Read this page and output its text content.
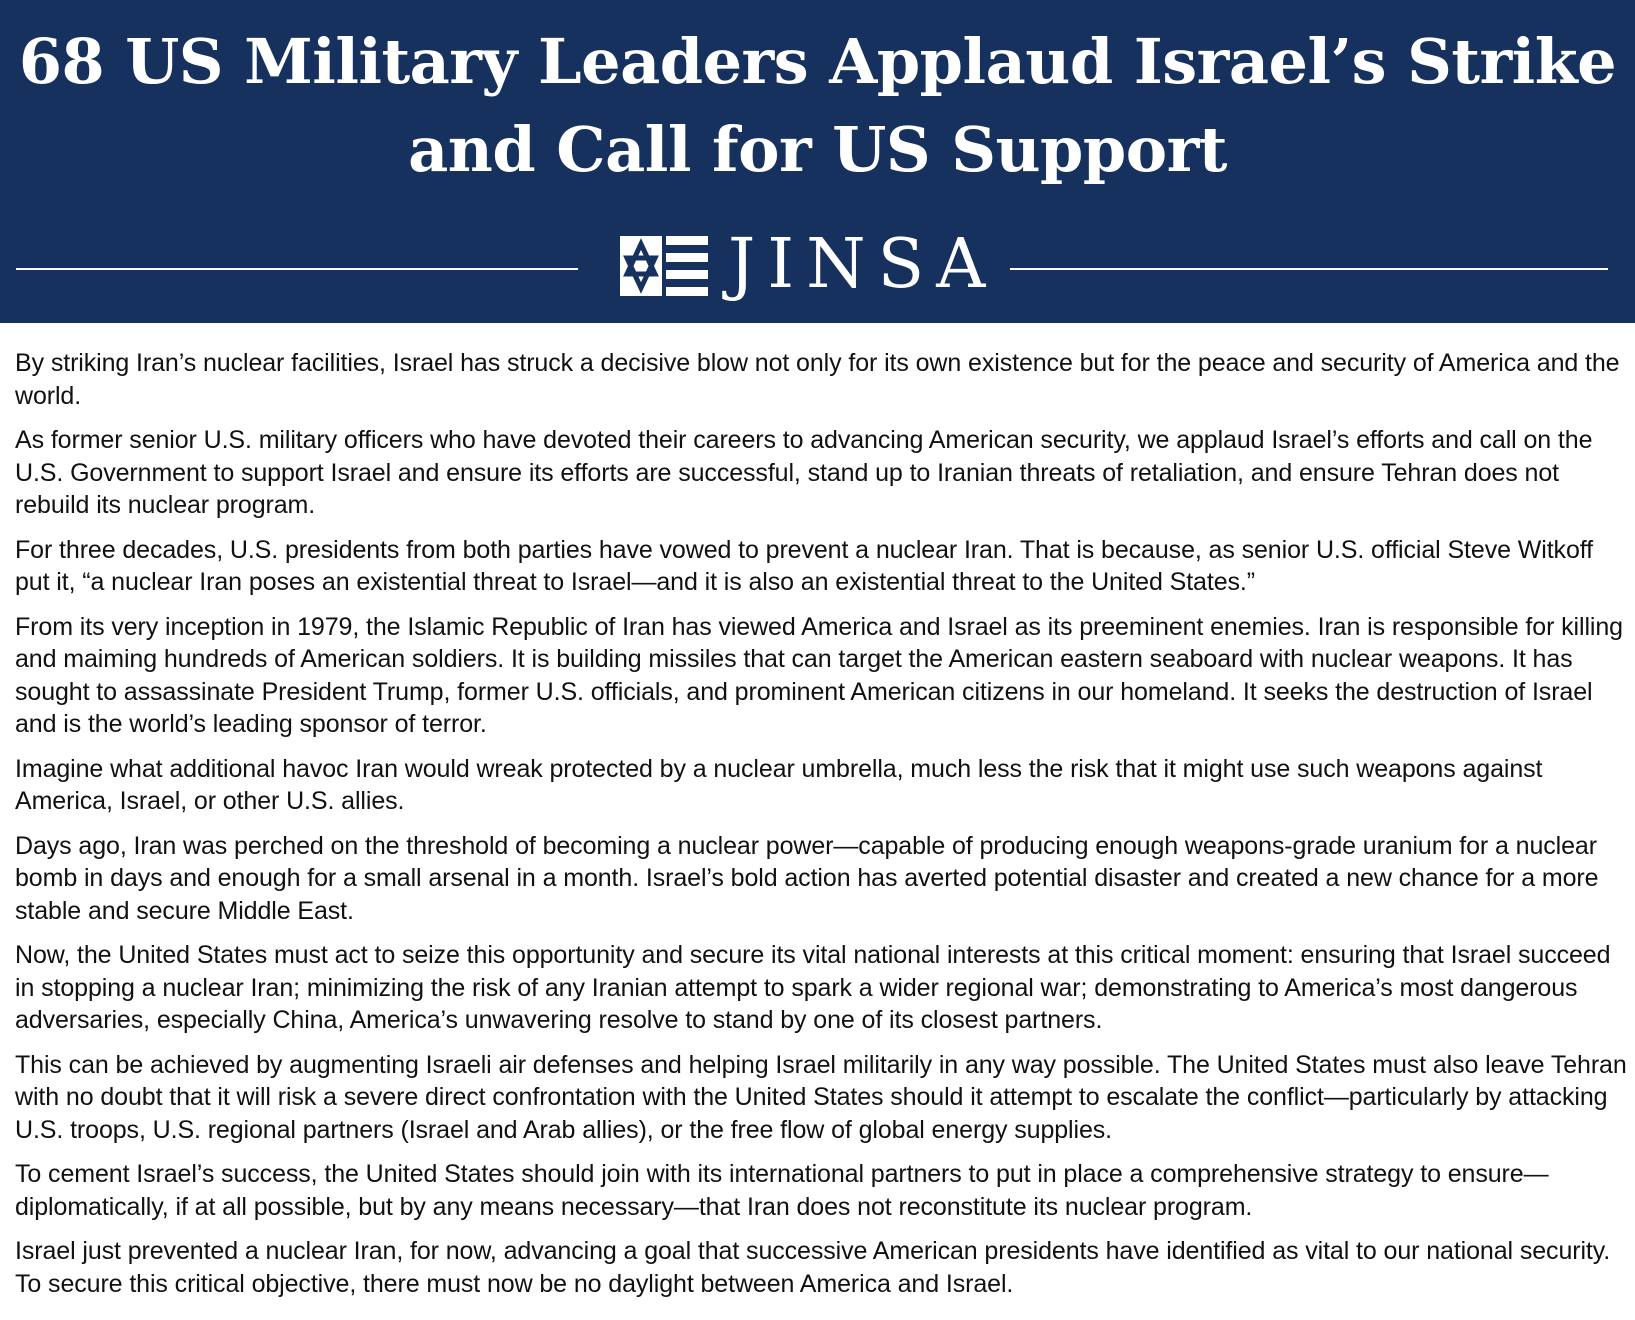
68 US Military Leaders Applaud Israel’s Strike
and Call for US Support
JINSA

By striking Iran’s nuclear facilities, Israel has struck a decisive blow not only for its own existence but for the peace and security of America and the world.

As former senior U.S. military officers who have devoted their careers to advancing American security, we applaud Israel’s efforts and call on the U.S. Government to support Israel and ensure its efforts are successful, stand up to Iranian threats of retaliation, and ensure Tehran does not rebuild its nuclear program.

For three decades, U.S. presidents from both parties have vowed to prevent a nuclear Iran. That is because, as senior U.S. official Steve Witkoff put it, “a nuclear Iran poses an existential threat to Israel—and it is also an existential threat to the United States.”

From its very inception in 1979, the Islamic Republic of Iran has viewed America and Israel as its preeminent enemies. Iran is responsible for killing and maiming hundreds of American soldiers. It is building missiles that can target the American eastern seaboard with nuclear weapons. It has sought to assassinate President Trump, former U.S. officials, and prominent American citizens in our homeland. It seeks the destruction of Israel and is the world’s leading sponsor of terror.

Imagine what additional havoc Iran would wreak protected by a nuclear umbrella, much less the risk that it might use such weapons against America, Israel, or other U.S. allies.

Days ago, Iran was perched on the threshold of becoming a nuclear power—capable of producing enough weapons-grade uranium for a nuclear bomb in days and enough for a small arsenal in a month. Israel’s bold action has averted potential disaster and created a new chance for a more stable and secure Middle East.

Now, the United States must act to seize this opportunity and secure its vital national interests at this critical moment: ensuring that Israel succeed in stopping a nuclear Iran; minimizing the risk of any Iranian attempt to spark a wider regional war; demonstrating to America’s most dangerous adversaries, especially China, America’s unwavering resolve to stand by one of its closest partners.

This can be achieved by augmenting Israeli air defenses and helping Israel militarily in any way possible. The United States must also leave Tehran with no doubt that it will risk a severe direct confrontation with the United States should it attempt to escalate the conflict—particularly by attacking U.S. troops, U.S. regional partners (Israel and Arab allies), or the free flow of global energy supplies.

To cement Israel’s success, the United States should join with its international partners to put in place a comprehensive strategy to ensure—diplomatically, if at all possible, but by any means necessary—that Iran does not reconstitute its nuclear program.

Israel just prevented a nuclear Iran, for now, advancing a goal that successive American presidents have identified as vital to our national security. To secure this critical objective, there must now be no daylight between America and Israel.
